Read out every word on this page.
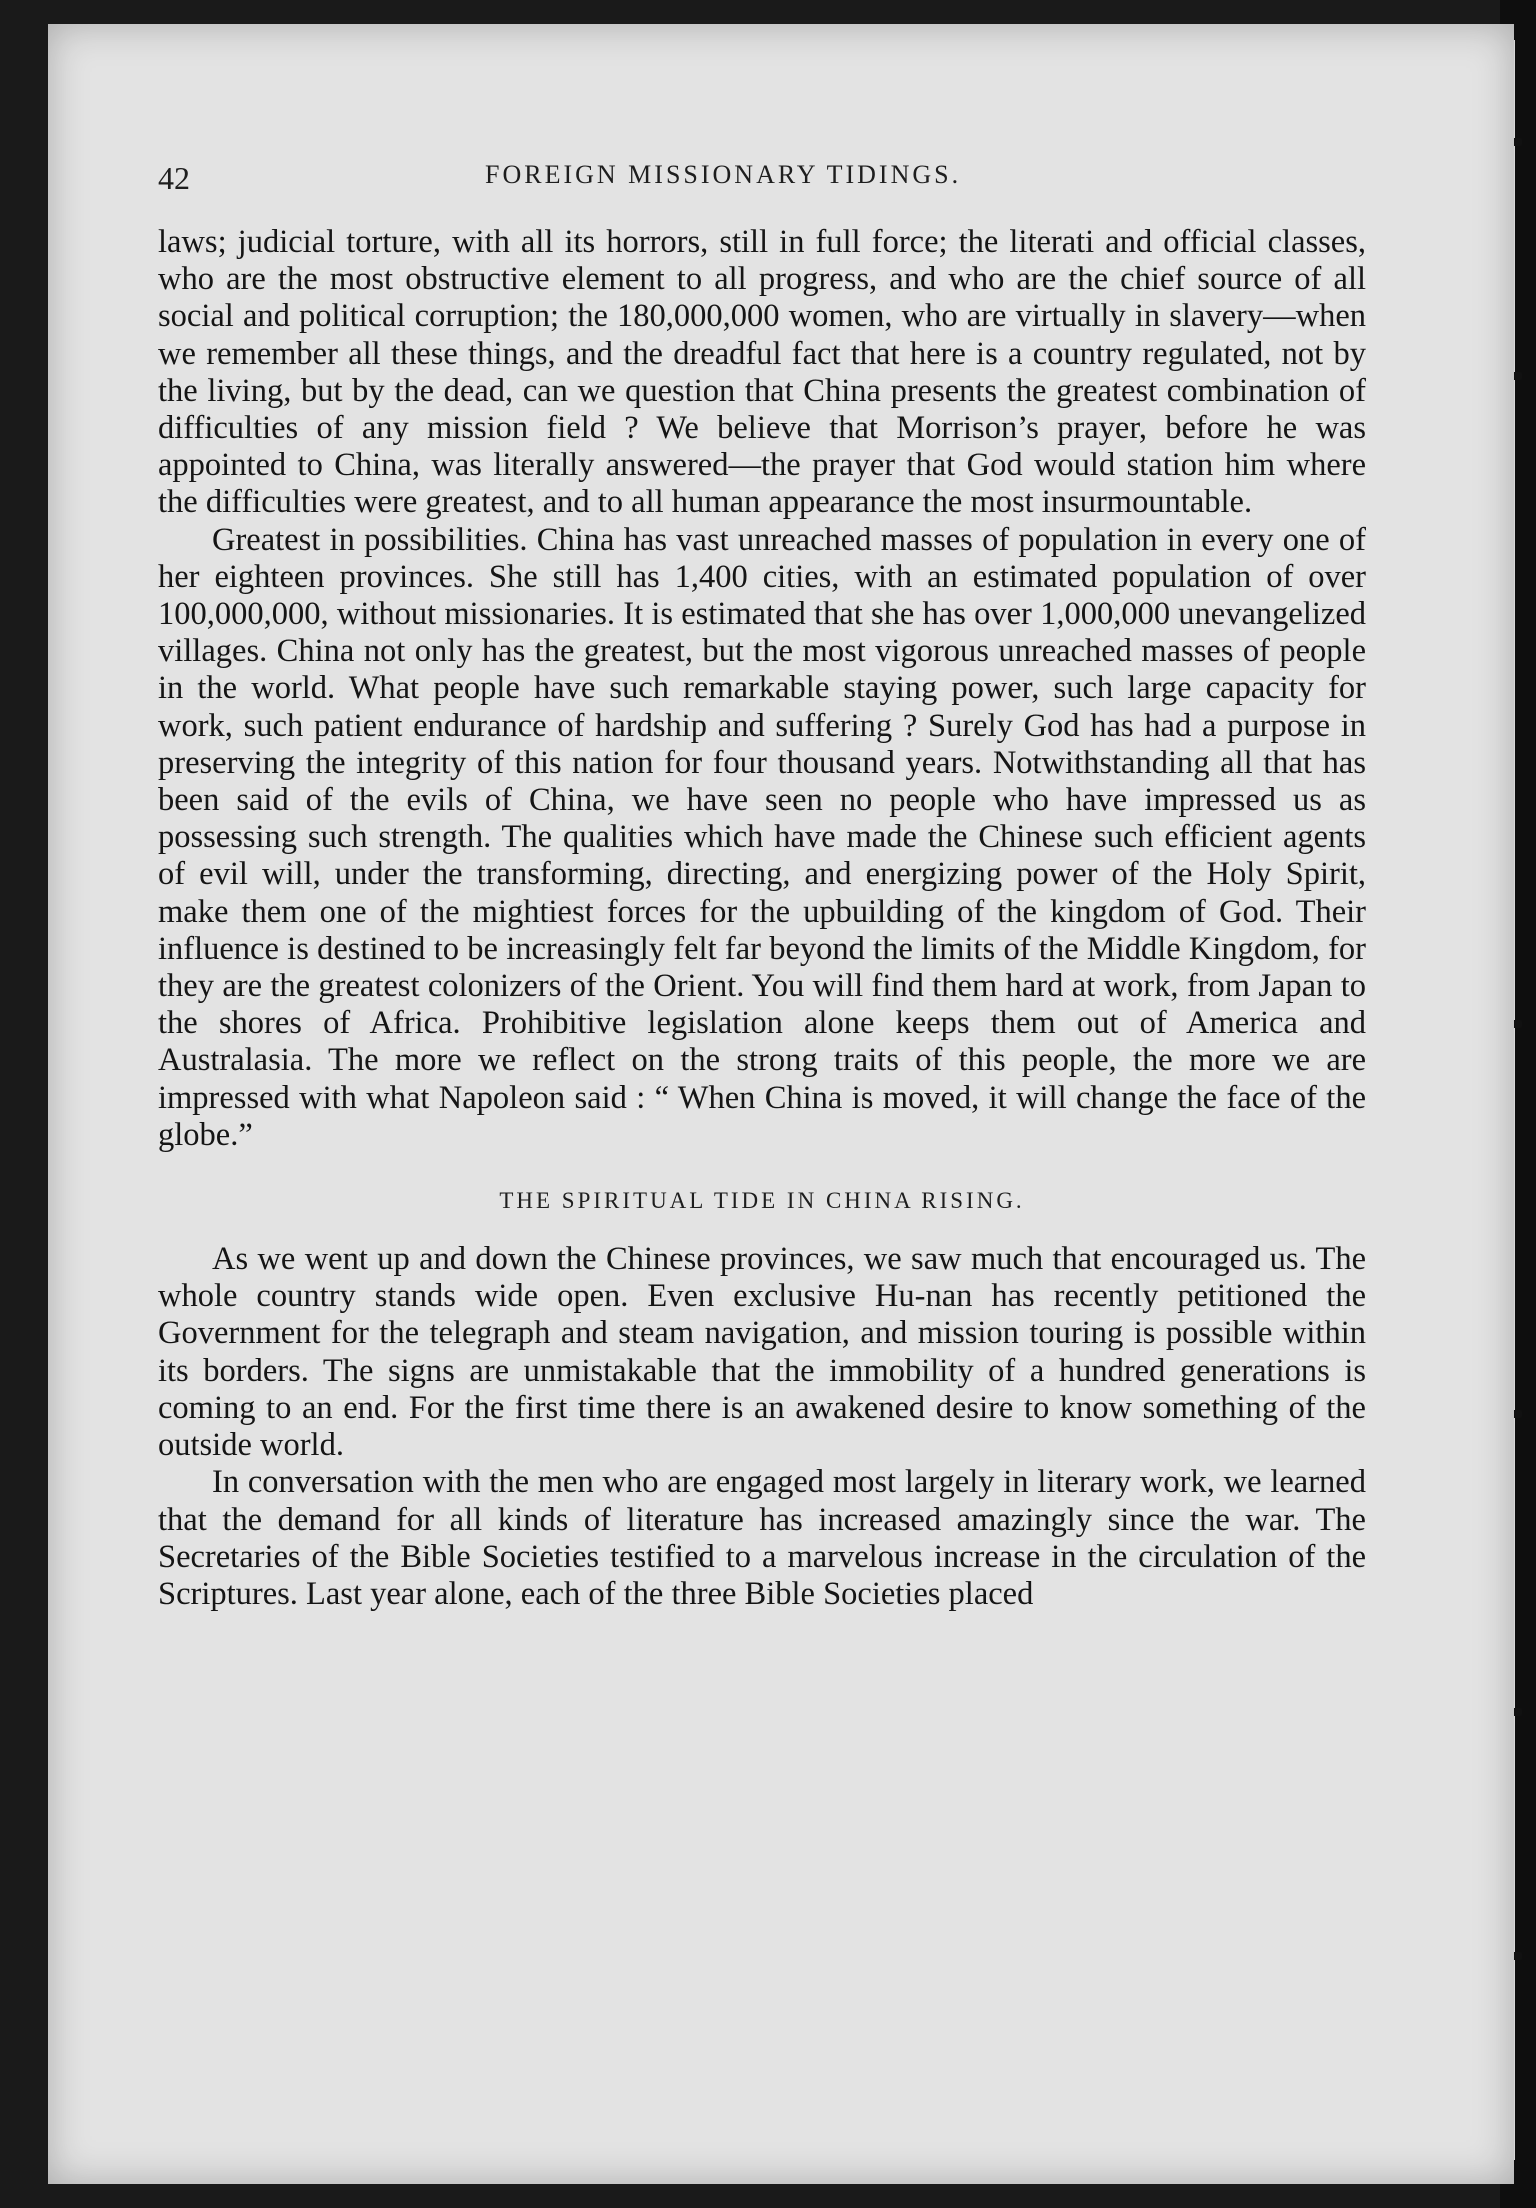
42	FOREIGN MISSIONARY TIDINGS.

laws; judicial torture, with all its horrors, still in full force; the literati and official classes, who are the most obstructive element to all progress, and who are the chief source of all social and political corruption; the 180,000,000 women, who are virtually in slavery—when we remember all these things, and the dreadful fact that here is a country regulated, not by the living, but by the dead, can we question that China presents the greatest combination of difficulties of any mission field ? We believe that Morrison’s prayer, before he was appointed to China, was literally answered—the prayer that God would station him where the difficulties were greatest, and to all human appearance the most insurmountable.

Greatest in possibilities. China has vast unreached masses of population in every one of her eighteen provinces. She still has 1,400 cities, with an estimated population of over 100,000,000, without missionaries. It is estimated that she has over 1,000,000 unevangelized villages. China not only has the greatest, but the most vigorous unreached masses of people in the world. What people have such remarkable staying power, such large capacity for work, such patient endurance of hardship and suffering ? Surely God has had a purpose in preserving the integrity of this nation for four thousand years. Notwithstanding all that has been said of the evils of China, we have seen no people who have impressed us as possessing such strength. The qualities which have made the Chinese such efficient agents of evil will, under the transforming, directing, and energizing power of the Holy Spirit, make them one of the mightiest forces for the upbuilding of the kingdom of God. Their influence is destined to be increasingly felt far beyond the limits of the Middle Kingdom, for they are the greatest colonizers of the Orient. You will find them hard at work, from Japan to the shores of Africa. Prohibitive legislation alone keeps them out of America and Australasia. The more we reflect on the strong traits of this people, the more we are impressed with what Napoleon said : “ When China is moved, it will change the face of the globe.”

THE SPIRITUAL TIDE IN CHINA RISING.

As we went up and down the Chinese provinces, we saw much that encouraged us. The whole country stands wide open. Even exclusive Hu-nan has recently petitioned the Government for the telegraph and steam navigation, and mission touring is possible within its borders. The signs are unmistakable that the immobility of a hundred generations is coming to an end. For the first time there is an awakened desire to know something of the outside world.

In conversation with the men who are engaged most largely in literary work, we learned that the demand for all kinds of literature has increased amazingly since the war. The Secretaries of the Bible Societies testified to a marvelous increase in the circulation of the Scriptures. Last year alone, each of the three Bible Societies placed
